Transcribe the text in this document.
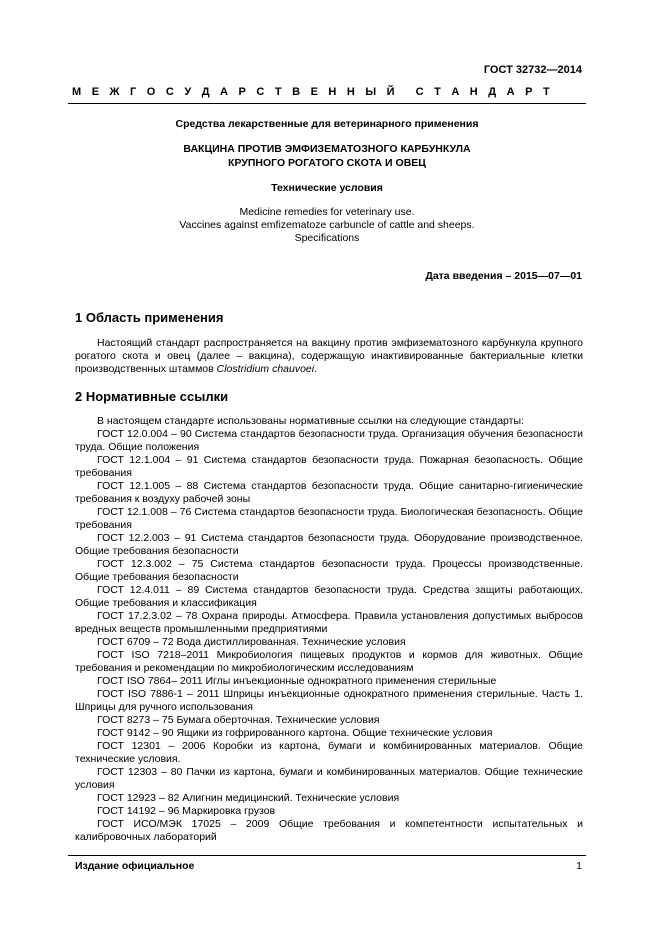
ГОСТ 32732—2014
М Е Ж Г О С У Д А Р С Т В Е Н Н Ы Й С Т А Н Д А Р Т
Средства лекарственные для ветеринарного применения
ВАКЦИНА ПРОТИВ ЭМФИЗЕМАТОЗНОГО КАРБУНКУЛА
КРУПНОГО РОГАТОГО СКОТА И ОВЕЦ
Технические условия
Medicine remedies for veterinary use.
Vaccines against emfizematoze carbuncle of cattle and sheeps.
Specifications
Дата введения – 2015—07—01
1 Область применения

Настоящий стандарт распространяется на вакцину против эмфизематозного карбункула крупного рогатого скота и овец (далее – вакцина), содержащую инактивированные бактериальные клетки производственных штаммов Clostridium chauvoei.

2 Нормативные ссылки

В настоящем стандарте использованы нормативные ссылки на следующие стандарты:

ГОСТ 12.0.004 – 90 Система стандартов безопасности труда. Организация обучения безопасности труда. Общие положения

ГОСТ 12.1.004 – 91 Система стандартов безопасности труда. Пожарная безопасность. Общие требования

ГОСТ 12.1.005 – 88 Система стандартов безопасности труда. Общие санитарно-гигиенические требования к воздуху рабочей зоны

ГОСТ 12.1.008 – 76 Система стандартов безопасности труда. Биологическая безопасность. Общие требования

ГОСТ 12.2.003 – 91 Система стандартов безопасности труда. Оборудование производственное. Общие требования безопасности

ГОСТ 12.3.002 – 75 Система стандартов безопасности труда. Процессы производственные. Общие требования безопасности

ГОСТ 12.4.011 – 89 Система стандартов безопасности труда. Средства защиты работающих. Общие требования и классификация

ГОСТ 17.2.3.02 – 78 Охрана природы. Атмосфера. Правила установления допустимых выбросов вредных веществ промышленными предприятиями

ГОСТ 6709 – 72 Вода дистиллированная. Технические условия

ГОСТ ISO 7218–2011 Микробиология пищевых продуктов и кормов для животных. Общие требования и рекомендации по микробиологическим исследованиям

ГОСТ ISO 7864– 2011 Иглы инъекционные однократного применения стерильные

ГОСТ ISO 7886-1 – 2011 Шприцы инъекционные однократного применения стерильные. Часть 1. Шприцы для ручного использования

ГОСТ 8273 – 75 Бумага оберточная. Технические условия

ГОСТ 9142 – 90 Ящики из гофрированного картона. Общие технические условия

ГОСТ 12301 – 2006 Коробки из картона, бумаги и комбинированных материалов. Общие технические условия.

ГОСТ 12303 – 80 Пачки из картона, бумаги и комбинированных материалов. Общие технические условия

ГОСТ 12923 – 82 Алигнин медицинский. Технические условия

ГОСТ 14192 – 96 Маркировка грузов

ГОСТ ИСО/МЭК 17025 – 2009 Общие требования и компетентности испытательных и калибровочных лабораторий

Издание официальное	1
